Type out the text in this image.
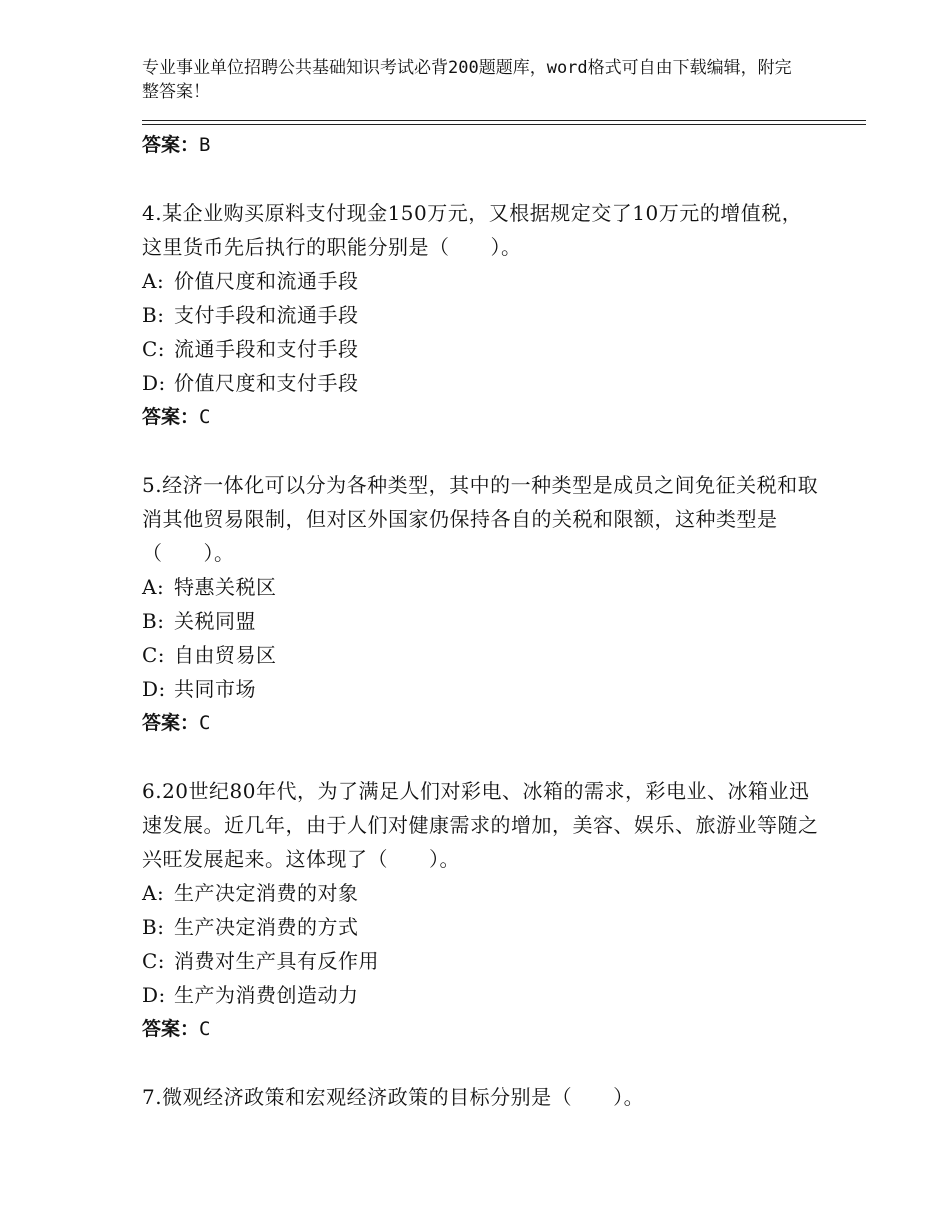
专业事业单位招聘公共基础知识考试必背200题题库，word格式可自由下载编辑，附完整答案！
答案：B
4.某企业购买原料支付现金150万元，又根据规定交了10万元的增值税，这里货币先后执行的职能分别是（　　）。
A: 价值尺度和流通手段
B: 支付手段和流通手段
C: 流通手段和支付手段
D: 价值尺度和支付手段
答案：C
5.经济一体化可以分为各种类型，其中的一种类型是成员之间免征关税和取消其他贸易限制，但对区外国家仍保持各自的关税和限额，这种类型是（　　）。
A: 特惠关税区
B: 关税同盟
C: 自由贸易区
D: 共同市场
答案：C
6.20世纪80年代，为了满足人们对彩电、冰箱的需求，彩电业、冰箱业迅速发展。近几年，由于人们对健康需求的增加，美容、娱乐、旅游业等随之兴旺发展起来。这体现了（　　）。
A: 生产决定消费的对象
B: 生产决定消费的方式
C: 消费对生产具有反作用
D: 生产为消费创造动力
答案：C
7.微观经济政策和宏观经济政策的目标分别是（　　）。
